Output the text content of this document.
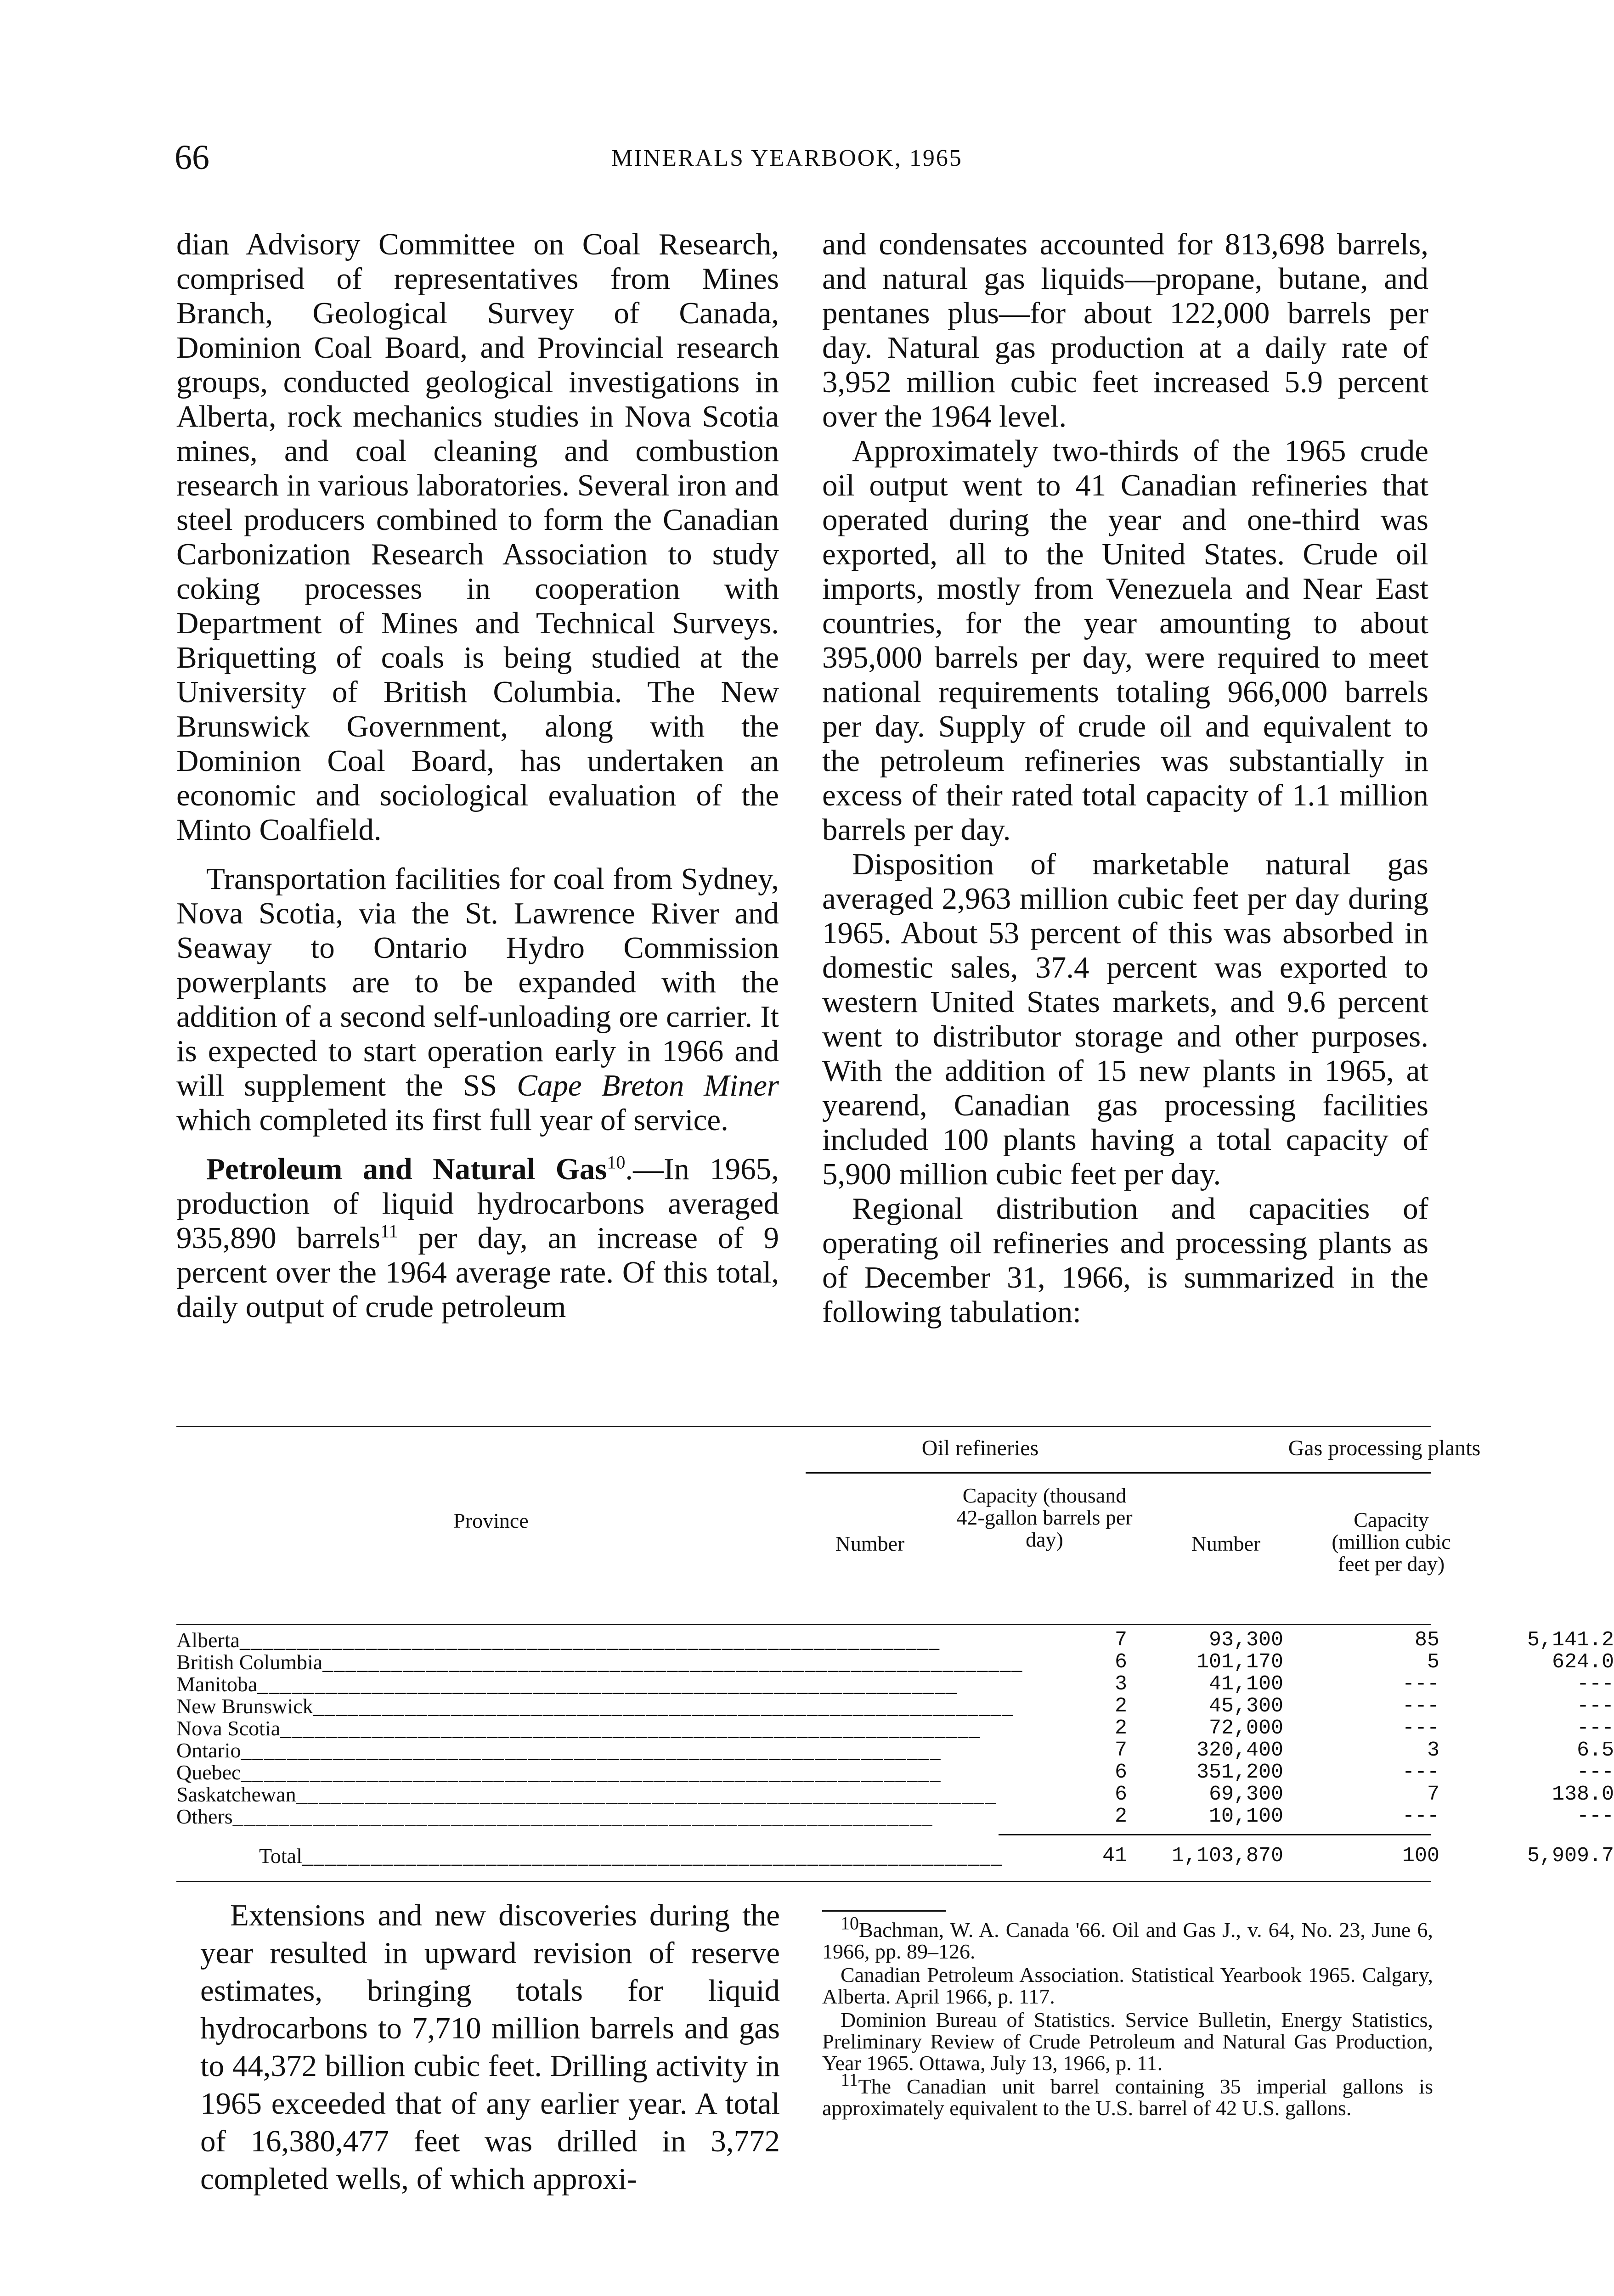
66	MINERALS YEARBOOK, 1965

dian Advisory Committee on Coal Research, comprised of representatives from Mines Branch, Geological Survey of Canada, Dominion Coal Board, and Provincial research groups, conducted geological investigations in Alberta, rock mechanics studies in Nova Scotia mines, and coal cleaning and combustion research in various laboratories. Several iron and steel producers combined to form the Canadian Carbonization Research Association to study coking processes in cooperation with Department of Mines and Technical Surveys. Briquetting of coals is being studied at the University of British Columbia. The New Brunswick Government, along with the Dominion Coal Board, has undertaken an economic and sociological evaluation of the Minto Coalfield.

Transportation facilities for coal from Sydney, Nova Scotia, via the St. Lawrence River and Seaway to Ontario Hydro Commission powerplants are to be expanded with the addition of a second self-unloading ore carrier. It is expected to start operation early in 1966 and will supplement the SS Cape Breton Miner which completed its first full year of service.

Petroleum and Natural Gas$^{10}$.—In 1965, production of liquid hydrocarbons averaged 935,890 barrels$^{11}$ per day, an increase of 9 percent over the 1964 average rate. Of this total, daily output of crude petroleum

and condensates accounted for 813,698 barrels, and natural gas liquids—propane, butane, and pentanes plus—for about 122,000 barrels per day. Natural gas production at a daily rate of 3,952 million cubic feet increased 5.9 percent over the 1964 level.

Approximately two-thirds of the 1965 crude oil output went to 41 Canadian refineries that operated during the year and one-third was exported, all to the United States. Crude oil imports, mostly from Venezuela and Near East countries, for the year amounting to about 395,000 barrels per day, were required to meet national requirements totaling 966,000 barrels per day. Supply of crude oil and equivalent to the petroleum refineries was substantially in excess of their rated total capacity of 1.1 million barrels per day.

Disposition of marketable natural gas averaged 2,963 million cubic feet per day during 1965. About 53 percent of this was absorbed in domestic sales, 37.4 percent was exported to western United States markets, and 9.6 percent went to distributor storage and other purposes. With the addition of 15 new plants in 1965, at yearend, Canadian gas processing facilities included 100 plants having a total capacity of 5,900 million cubic feet per day.

Regional distribution and capacities of operating oil refineries and processing plants as of December 31, 1966, is summarized in the following tabulation:

Oil refineries	Gas processing plants
Province
Number
Capacity (thousand 42-gallon barrels per day)	Number
Capacity (million cubic feet per day)
Alberta_____________________________________________________________	7	93,300	85	5,141.2
British Columbia_____________________________________________________________	6	101,170	5	624.0
Manitoba_____________________________________________________________	3	41,100	---	---
New Brunswick_____________________________________________________________	2	45,300	---	---
Nova Scotia_____________________________________________________________	2	72,000	---	---
Ontario_____________________________________________________________	7	320,400	3	6.5
Quebec_____________________________________________________________	6	351,200	---	---
Saskatchewan_____________________________________________________________	6	69,300	7	138.0
Others_____________________________________________________________	2	10,100	---	---
Total_____________________________________________________________	41	1,103,870	100	5,909.7

Extensions and new discoveries during the year resulted in upward revision of reserve estimates, bringing totals for liquid hydrocarbons to 7,710 million barrels and gas to 44,372 billion cubic feet. Drilling activity in 1965 exceeded that of any earlier year. A total of 16,380,477 feet was drilled in 3,772 completed wells, of which approxi-

$^{10}$Bachman, W. A. Canada '66. Oil and Gas J., v. 64, No. 23, June 6, 1966, pp. 89–126.

Canadian Petroleum Association. Statistical Yearbook 1965. Calgary, Alberta. April 1966, p. 117.

Dominion Bureau of Statistics. Service Bulletin, Energy Statistics, Preliminary Review of Crude Petroleum and Natural Gas Production, Year 1965. Ottawa, July 13, 1966, p. 11.

$^{11}$The Canadian unit barrel containing 35 imperial gallons is approximately equivalent to the U.S. barrel of 42 U.S. gallons.
